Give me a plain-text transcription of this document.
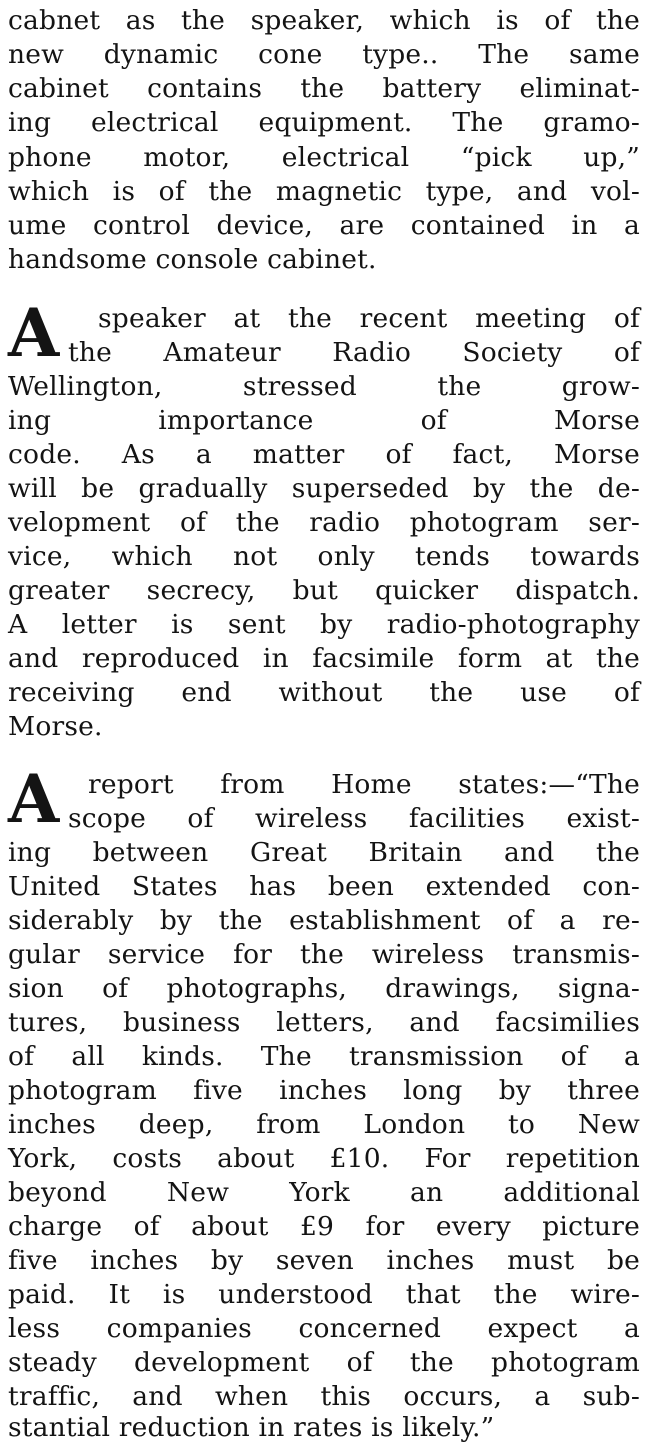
cabnet as the speaker, which is of the
new dynamic cone type.. The same
cabinet contains the battery eliminat-
ing electrical equipment. The gramo-
phone motor, electrical “pick up,”
which is of the magnetic type, and vol-
ume control device, are contained in a
handsome console cabinet.
A speaker at the recent meeting of
the Amateur Radio Society of
Wellington, stressed the grow-
ing importance of Morse
code. As a matter of fact, Morse
will be gradually superseded by the de-
velopment of the radio photogram ser-
vice, which not only tends towards
greater secrecy, but quicker dispatch.
A letter is sent by radio-photography
and reproduced in facsimile form at the
receiving end without the use of
Morse.
A report from Home states:—“The
scope of wireless facilities exist-
ing between Great Britain and the
United States has been extended con-
siderably by the establishment of a re-
gular service for the wireless transmis-
sion of photographs, drawings, signa-
tures, business letters, and facsimilies
of all kinds. The transmission of a
photogram five inches long by three
inches deep, from London to New
York, costs about £10. For repetition
beyond New York an additional
charge of about £9 for every picture
five inches by seven inches must be
paid. It is understood that the wire-
less companies concerned expect a
steady development of the photogram
traffic, and when this occurs, a sub-
stantial reduction in rates is likely.”
